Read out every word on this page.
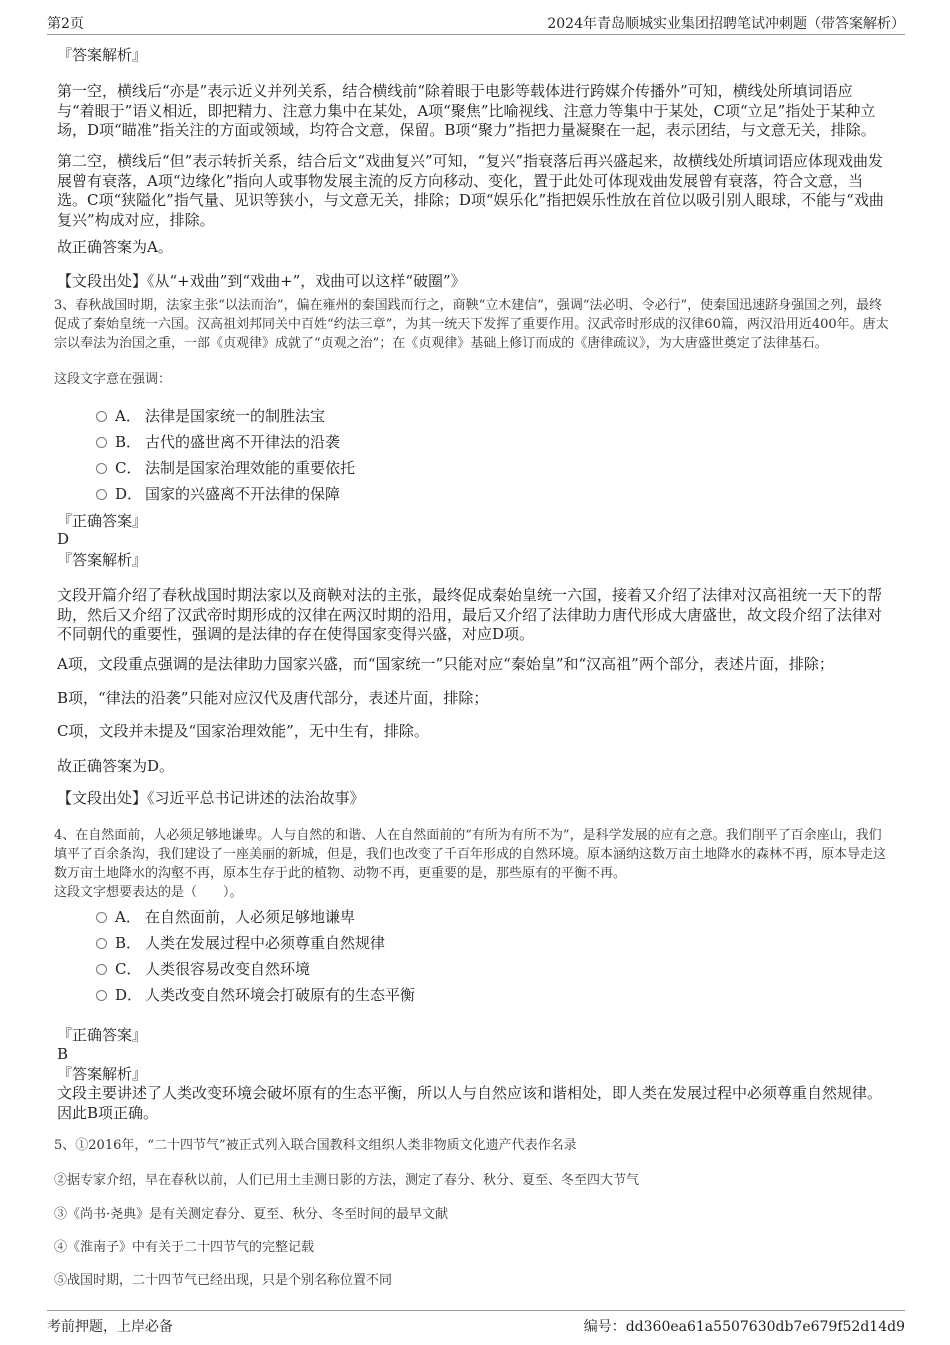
第2页	2024年青岛顺城实业集团招聘笔试冲刺题（带答案解析）
『答案解析』

第一空，横线后“亦是”表示近义并列关系，结合横线前“除着眼于电影等载体进行跨媒介传播外”可知，横线处所填词语应与“着眼于”语义相近，即把精力、注意力集中在某处，A项“聚焦”比喻视线、注意力等集中于某处，C项“立足”指处于某种立场，D项“瞄准”指关注的方面或领域，均符合文意，保留。B项“聚力”指把力量凝聚在一起，表示团结，与文意无关，排除。

第二空，横线后“但”表示转折关系，结合后文“戏曲复兴”可知，“复兴”指衰落后再兴盛起来，故横线处所填词语应体现戏曲发展曾有衰落，A项“边缘化”指向人或事物发展主流的反方向移动、变化，置于此处可体现戏曲发展曾有衰落，符合文意，当选。C项“狭隘化”指气量、见识等狭小，与文意无关，排除；D项“娱乐化”指把娱乐性放在首位以吸引别人眼球，不能与“戏曲复兴”构成对应，排除。

故正确答案为A。

【文段出处】《从“+戏曲”到“戏曲+”，戏曲可以这样“破圈”》

3、春秋战国时期，法家主张“以法而治”，偏在雍州的秦国践而行之，商鞅“立木建信”，强调“法必明、令必行”，使秦国迅速跻身强国之列，最终促成了秦始皇统一六国。汉高祖刘邦同关中百姓“约法三章”，为其一统天下发挥了重要作用。汉武帝时形成的汉律60篇，两汉沿用近400年。唐太宗以奉法为治国之重，一部《贞观律》成就了“贞观之治”；在《贞观律》基础上修订而成的《唐律疏议》，为大唐盛世奠定了法律基石。

这段文字意在强调：

A． 法律是国家统一的制胜法宝
B． 古代的盛世离不开律法的沿袭
C． 法制是国家治理效能的重要依托
D． 国家的兴盛离不开法律的保障
『正确答案』
D
『答案解析』

文段开篇介绍了春秋战国时期法家以及商鞅对法的主张，最终促成秦始皇统一六国，接着又介绍了法律对汉高祖统一天下的帮助，然后又介绍了汉武帝时期形成的汉律在两汉时期的沿用，最后又介绍了法律助力唐代形成大唐盛世，故文段介绍了法律对不同朝代的重要性，强调的是法律的存在使得国家变得兴盛，对应D项。

A项，文段重点强调的是法律助力国家兴盛，而“国家统一”只能对应“秦始皇”和“汉高祖”两个部分，表述片面，排除；

B项，“律法的沿袭”只能对应汉代及唐代部分，表述片面，排除；

C项，文段并未提及“国家治理效能”，无中生有，排除。

故正确答案为D。

【文段出处】《习近平总书记讲述的法治故事》

4、在自然面前，人必须足够地谦卑。人与自然的和谐、人在自然面前的“有所为有所不为”，是科学发展的应有之意。我们削平了百余座山，我们填平了百余条沟，我们建设了一座美丽的新城，但是，我们也改变了千百年形成的自然环境。原本涵纳这数万亩土地降水的森林不再，原本导走这数万亩土地降水的沟壑不再，原本生存于此的植物、动物不再，更重要的是，那些原有的平衡不再。

这段文字想要表达的是（　　）。

A． 在自然面前，人必须足够地谦卑
B． 人类在发展过程中必须尊重自然规律
C． 人类很容易改变自然环境
D． 人类改变自然环境会打破原有的生态平衡
『正确答案』
B
『答案解析』

文段主要讲述了人类改变环境会破坏原有的生态平衡，所以人与自然应该和谐相处，即人类在发展过程中必须尊重自然规律。因此B项正确。

5、①2016年，“二十四节气”被正式列入联合国教科文组织人类非物质文化遗产代表作名录

②据专家介绍，早在春秋以前，人们已用土圭测日影的方法，测定了春分、秋分、夏至、冬至四大节气

③《尚书·尧典》是有关测定春分、夏至、秋分、冬至时间的最早文献

④《淮南子》中有关于二十四节气的完整记载

⑤战国时期，二十四节气已经出现，只是个别名称位置不同

考前押题，上岸必备	编号：dd360ea61a5507630db7e679f52d14d9
